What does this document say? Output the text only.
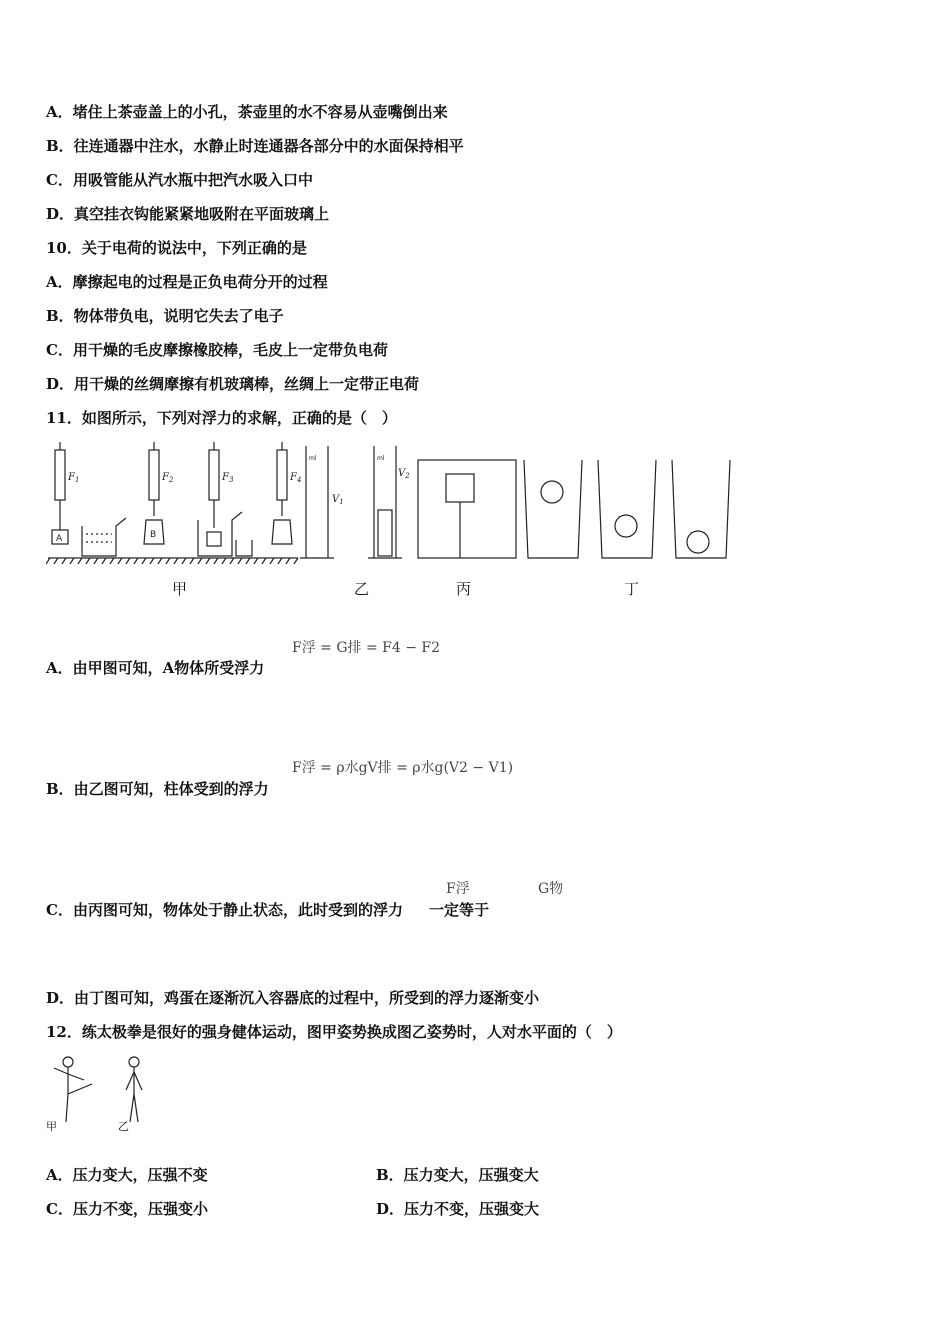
A．堵住上茶壶盖上的小孔，茶壶里的水不容易从壶嘴倒出来
B．往连通器中注水，水静止时连通器各部分中的水面保持相平
C．用吸管能从汽水瓶中把汽水吸入口中
D．真空挂衣钩能紧紧地吸附在平面玻璃上
10．关于电荷的说法中，下列正确的是
A．摩擦起电的过程是正负电荷分开的过程
B．物体带负电，说明它失去了电子
C．用干燥的毛皮摩擦橡胶棒，毛皮上一定带负电荷
D．用干燥的丝绸摩擦有机玻璃棒，丝绸上一定带正电荷
11．如图所示，下列对浮力的求解，正确的是（　）
$F_1$	$F_2$	$F_3$	$F_4$
$V_1$
$V_2$
A	B
ml	ml
甲	乙	丙	丁
F浮 = G排 = F4 − F2
A．由甲图可知，A物体所受浮力
F浮 = ρ水gV排 = ρ水g(V2 − V1)
B．由乙图可知，柱体受到的浮力
F浮	G物
C．由丙图可知，物体处于静止状态，此时受到的浮力 一定等于
D．由丁图可知，鸡蛋在逐渐沉入容器底的过程中，所受到的浮力逐渐变小
12．练太极拳是很好的强身健体运动，图甲姿势换成图乙姿势时，人对水平面的（　）
甲	乙
A．压力变大，压强不变	B．压力变大，压强变大
C．压力不变，压强变小	D．压力不变，压强变大
